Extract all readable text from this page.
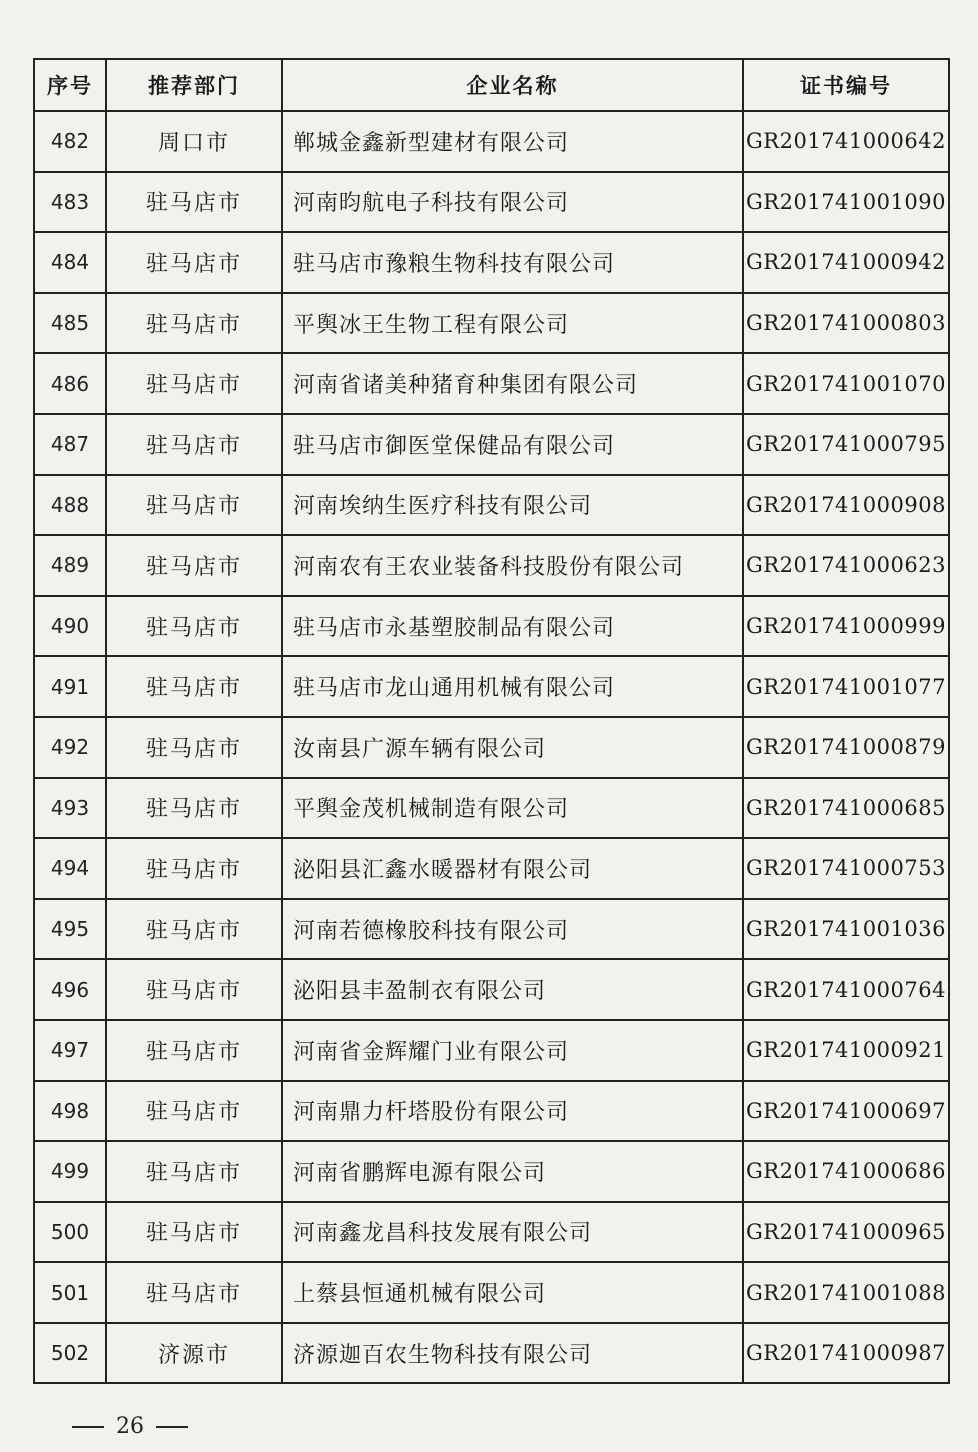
序号	推荐部门	企业名称	证书编号
482	周口市	郸城金鑫新型建材有限公司	GR201741000642
483	驻马店市	河南昀航电子科技有限公司	GR201741001090
484	驻马店市	驻马店市豫粮生物科技有限公司	GR201741000942
485	驻马店市	平舆冰王生物工程有限公司	GR201741000803
486	驻马店市	河南省诸美种猪育种集团有限公司	GR201741001070
487	驻马店市	驻马店市御医堂保健品有限公司	GR201741000795
488	驻马店市	河南埃纳生医疗科技有限公司	GR201741000908
489	驻马店市	河南农有王农业装备科技股份有限公司	GR201741000623
490	驻马店市	驻马店市永基塑胶制品有限公司	GR201741000999
491	驻马店市	驻马店市龙山通用机械有限公司	GR201741001077
492	驻马店市	汝南县广源车辆有限公司	GR201741000879
493	驻马店市	平舆金茂机械制造有限公司	GR201741000685
494	驻马店市	泌阳县汇鑫水暖器材有限公司	GR201741000753
495	驻马店市	河南若德橡胶科技有限公司	GR201741001036
496	驻马店市	泌阳县丰盈制衣有限公司	GR201741000764
497	驻马店市	河南省金辉耀门业有限公司	GR201741000921
498	驻马店市	河南鼎力杆塔股份有限公司	GR201741000697
499	驻马店市	河南省鹏辉电源有限公司	GR201741000686
500	驻马店市	河南鑫龙昌科技发展有限公司	GR201741000965
501	驻马店市	上蔡县恒通机械有限公司	GR201741001088
502	济源市	济源迦百农生物科技有限公司	GR201741000987
26
